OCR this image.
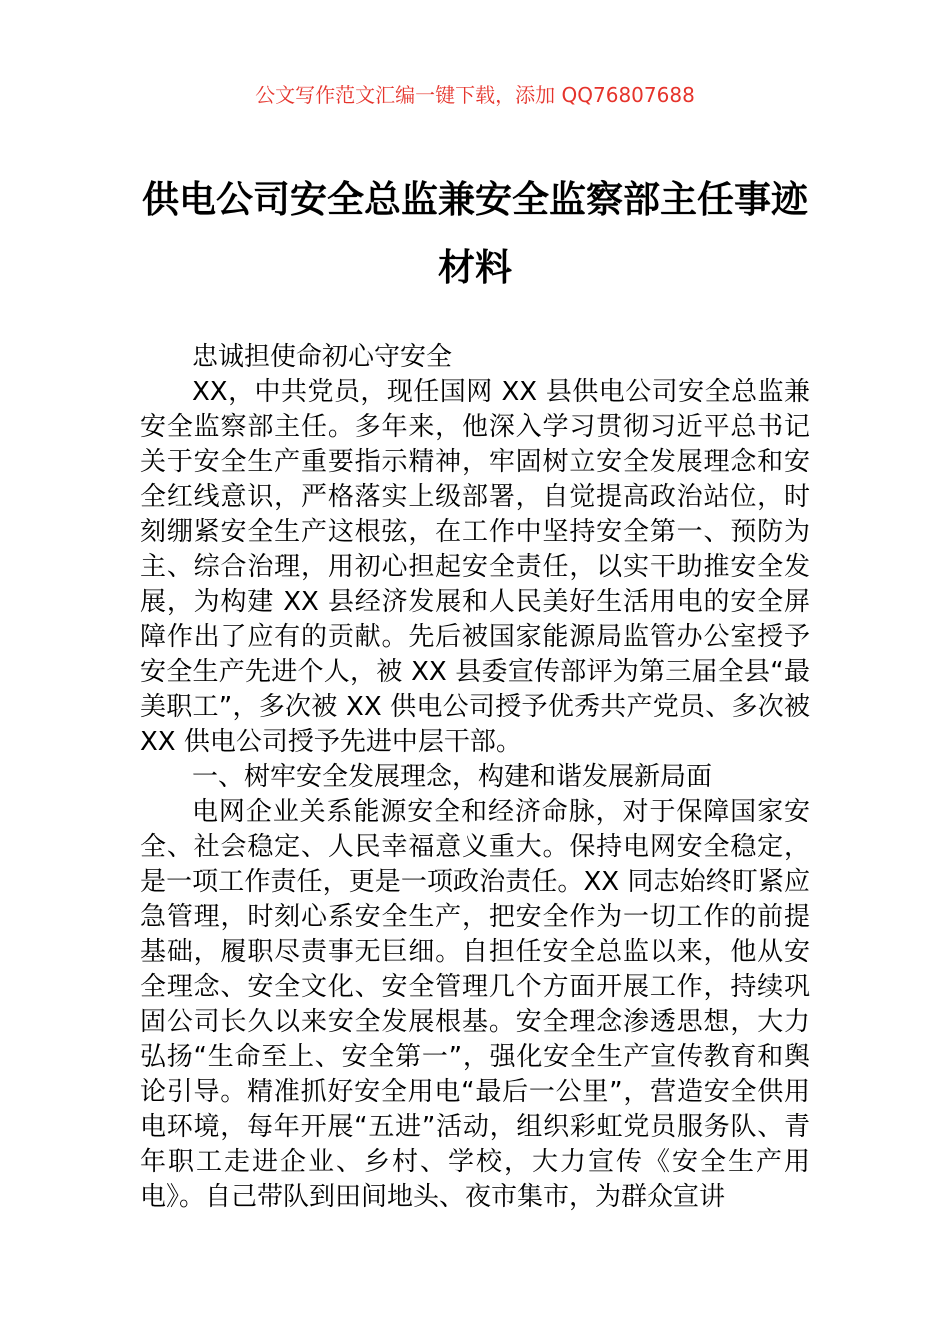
公文写作范文汇编一键下载，添加 QQ76807688
供电公司安全总监兼安全监察部主任事迹材料

忠诚担使命初心守安全

XX，中共党员，现任国网 XX 县供电公司安全总监兼安全监察部主任。多年来，他深入学习贯彻习近平总书记关于安全生产重要指示精神，牢固树立安全发展理念和安全红线意识，严格落实上级部署，自觉提高政治站位，时刻绷紧安全生产这根弦，在工作中坚持安全第一、预防为主、综合治理，用初心担起安全责任，以实干助推安全发展，为构建 XX 县经济发展和人民美好生活用电的安全屏障作出了应有的贡献。先后被国家能源局监管办公室授予安全生产先进个人，被 XX 县委宣传部评为第三届全县“最美职工”，多次被 XX 供电公司授予优秀共产党员、多次被 XX 供电公司授予先进中层干部。

一、树牢安全发展理念，构建和谐发展新局面

电网企业关系能源安全和经济命脉，对于保障国家安全、社会稳定、人民幸福意义重大。保持电网安全稳定，是一项工作责任，更是一项政治责任。XX 同志始终盯紧应急管理，时刻心系安全生产，把安全作为一切工作的前提基础，履职尽责事无巨细。自担任安全总监以来，他从安全理念、安全文化、安全管理几个方面开展工作，持续巩固公司长久以来安全发展根基。安全理念渗透思想，大力弘扬“生命至上、安全第一”，强化安全生产宣传教育和舆论引导。精准抓好安全用电“最后一公里”，营造安全供用电环境，每年开展“五进”活动，组织彩虹党员服务队、青年职工走进企业、乡村、学校，大力宣传《安全生产用电》。自己带队到田间地头、夜市集市，为群众宣讲
